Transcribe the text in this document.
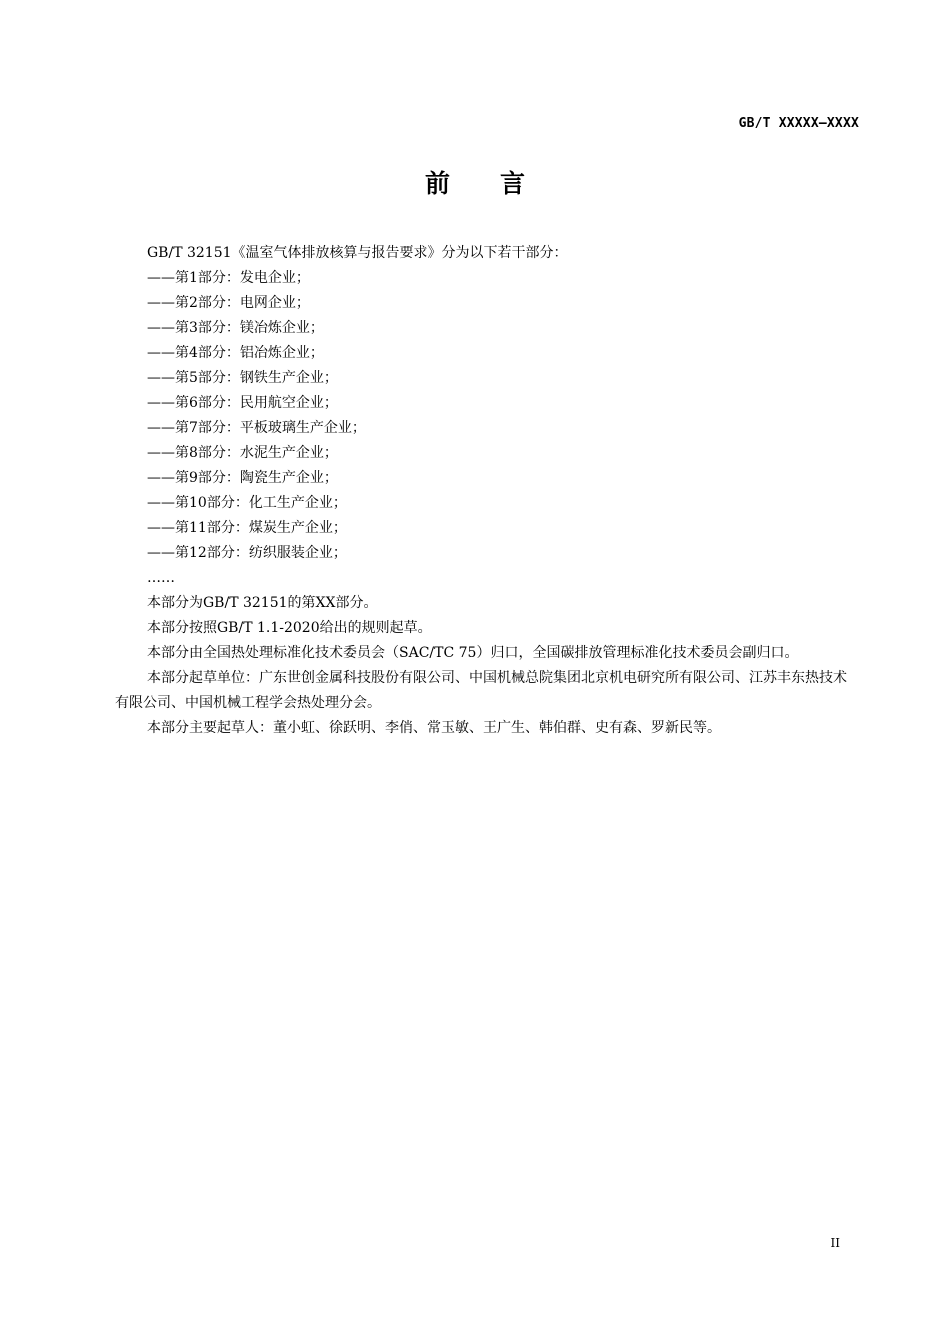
GB/T XXXXX—XXXX
前　　言

GB/T 32151《温室气体排放核算与报告要求》分为以下若干部分：

——第1部分：发电企业；

——第2部分：电网企业；

——第3部分：镁冶炼企业；

——第4部分：铝冶炼企业；

——第5部分：钢铁生产企业；

——第6部分：民用航空企业；

——第7部分：平板玻璃生产企业；

——第8部分：水泥生产企业；

——第9部分：陶瓷生产企业；

——第10部分：化工生产企业；

——第11部分：煤炭生产企业；

——第12部分：纺织服装企业；

……

本部分为GB/T 32151的第XX部分。

本部分按照GB/T 1.1-2020给出的规则起草。

本部分由全国热处理标准化技术委员会（SAC/TC 75）归口，全国碳排放管理标准化技术委员会副归口。

本部分起草单位：广东世创金属科技股份有限公司、中国机械总院集团北京机电研究所有限公司、江苏丰东热技术有限公司、中国机械工程学会热处理分会。

本部分主要起草人：董小虹、徐跃明、李俏、常玉敏、王广生、韩伯群、史有森、罗新民等。

II
